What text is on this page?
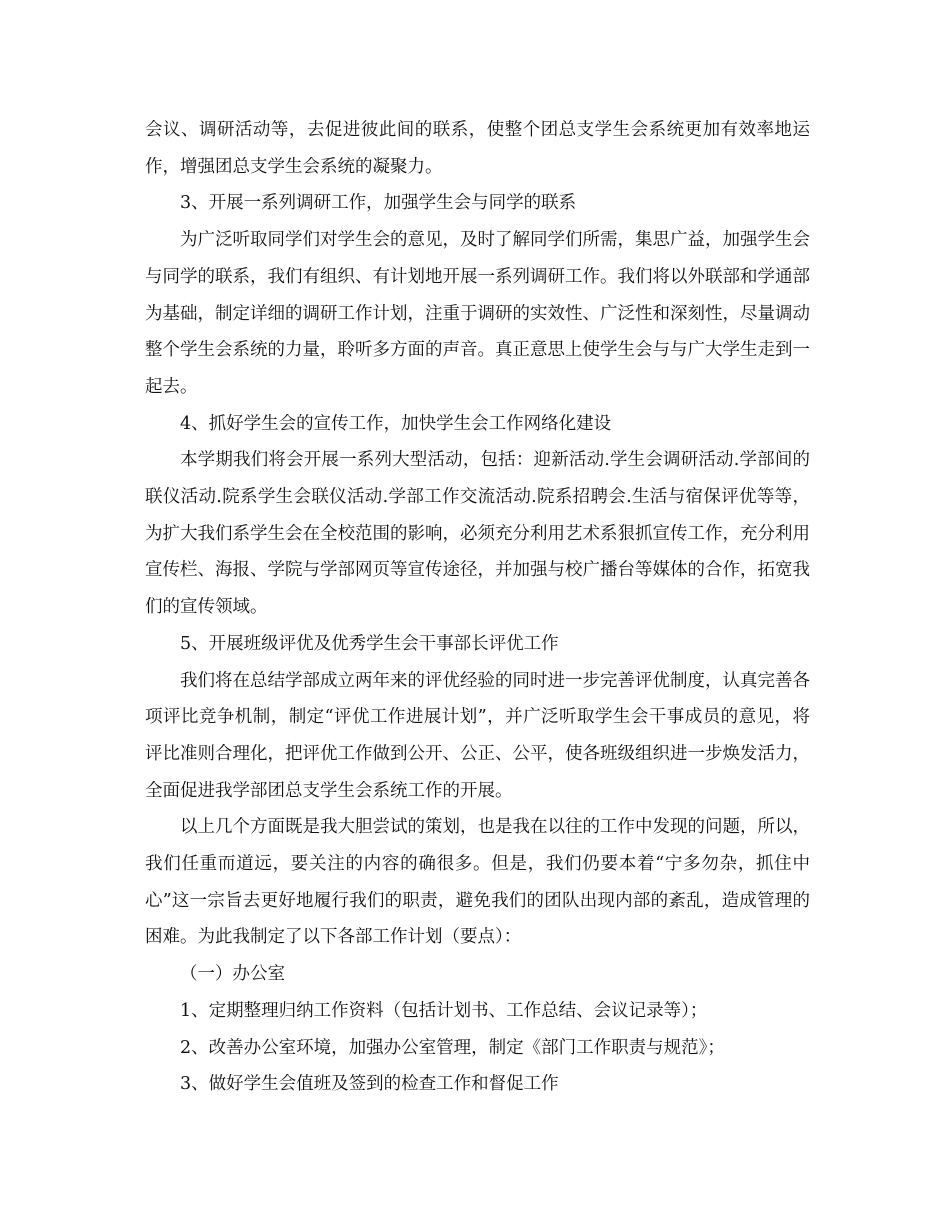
会议、调研活动等，去促进彼此间的联系，使整个团总支学生会系统更加有效率地运作，增强团总支学生会系统的凝聚力。

3、开展一系列调研工作，加强学生会与同学的联系

为广泛听取同学们对学生会的意见，及时了解同学们所需，集思广益，加强学生会与同学的联系，我们有组织、有计划地开展一系列调研工作。我们将以外联部和学通部为基础，制定详细的调研工作计划，注重于调研的实效性、广泛性和深刻性，尽量调动整个学生会系统的力量，聆听多方面的声音。真正意思上使学生会与与广大学生走到一起去。

4、抓好学生会的宣传工作，加快学生会工作网络化建设

本学期我们将会开展一系列大型活动，包括：迎新活动.学生会调研活动.学部间的联仪活动.院系学生会联仪活动.学部工作交流活动.院系招聘会.生活与宿保评优等等，为扩大我们系学生会在全校范围的影响，必须充分利用艺术系狠抓宣传工作，充分利用宣传栏、海报、学院与学部网页等宣传途径，并加强与校广播台等媒体的合作，拓宽我们的宣传领域。

5、开展班级评优及优秀学生会干事部长评优工作

我们将在总结学部成立两年来的评优经验的同时进一步完善评优制度，认真完善各项评比竞争机制，制定“评优工作进展计划”，并广泛听取学生会干事成员的意见，将评比准则合理化，把评优工作做到公开、公正、公平，使各班级组织进一步焕发活力，全面促进我学部团总支学生会系统工作的开展。

以上几个方面既是我大胆尝试的策划，也是我在以往的工作中发现的问题，所以，我们任重而道远，要关注的内容的确很多。但是，我们仍要本着“宁多勿杂，抓住中心”这一宗旨去更好地履行我们的职责，避免我们的团队出现内部的紊乱，造成管理的困难。为此我制定了以下各部工作计划（要点）：

（一）办公室

1、定期整理归纳工作资料（包括计划书、工作总结、会议记录等）；

2、改善办公室环境，加强办公室管理，制定《部门工作职责与规范》；

3、做好学生会值班及签到的检查工作和督促工作
